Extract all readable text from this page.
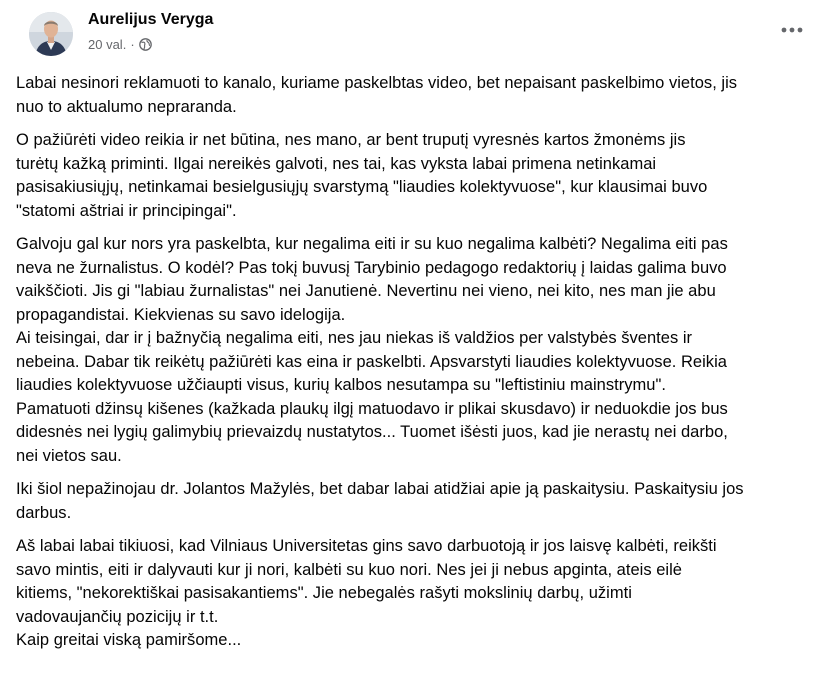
Aurelijus Veryga
20 val. ·

Labai nesinori reklamuoti to kanalo, kuriame paskelbtas video, bet nepaisant paskelbimo vietos, jis
nuo to aktualumo nepraranda.

O pažiūrėti video reikia ir net būtina, nes mano, ar bent truputį vyresnės kartos žmonėms jis
turėtų kažką priminti. Ilgai nereikės galvoti, nes tai, kas vyksta labai primena netinkamai
pasisakiusiųjų, netinkamai besielgusiųjų svarstymą "liaudies kolektyvuose", kur klausimai buvo
"statomi aštriai ir principingai".

Galvoju gal kur nors yra paskelbta, kur negalima eiti ir su kuo negalima kalbėti? Negalima eiti pas
neva ne žurnalistus. O kodėl? Pas tokį buvusį Tarybinio pedagogo redaktorių į laidas galima buvo
vaikščioti. Jis gi "labiau žurnalistas" nei Janutienė. Nevertinu nei vieno, nei kito, nes man jie abu
propagandistai. Kiekvienas su savo idelogija.
Ai teisingai, dar ir į bažnyčią negalima eiti, nes jau niekas iš valdžios per valstybės šventes ir
nebeina. Dabar tik reikėtų pažiūrėti kas eina ir paskelbti. Apsvarstyti liaudies kolektyvuose. Reikia
liaudies kolektyvuose užčiaupti visus, kurių kalbos nesutampa su "leftistiniu mainstrymu".
Pamatuoti džinsų kišenes (kažkada plaukų ilgį matuodavo ir plikai skusdavo) ir neduokdie jos bus
didesnės nei lygių galimybių prievaizdų nustatytos... Tuomet išėsti juos, kad jie nerastų nei darbo,
nei vietos sau.

Iki šiol nepažinojau dr. Jolantos Mažylės, bet dabar labai atidžiai apie ją paskaitysiu. Paskaitysiu jos
darbus.

Aš labai labai tikiuosi, kad Vilniaus Universitetas gins savo darbuotoją ir jos laisvę kalbėti, reikšti
savo mintis, eiti ir dalyvauti kur ji nori, kalbėti su kuo nori. Nes jei ji nebus apginta, ateis eilė
kitiems, "nekorektiškai pasisakantiems". Jie nebegalės rašyti mokslinių darbų, užimti
vadovaujančių pozicijų ir t.t.
Kaip greitai viską pamiršome...
